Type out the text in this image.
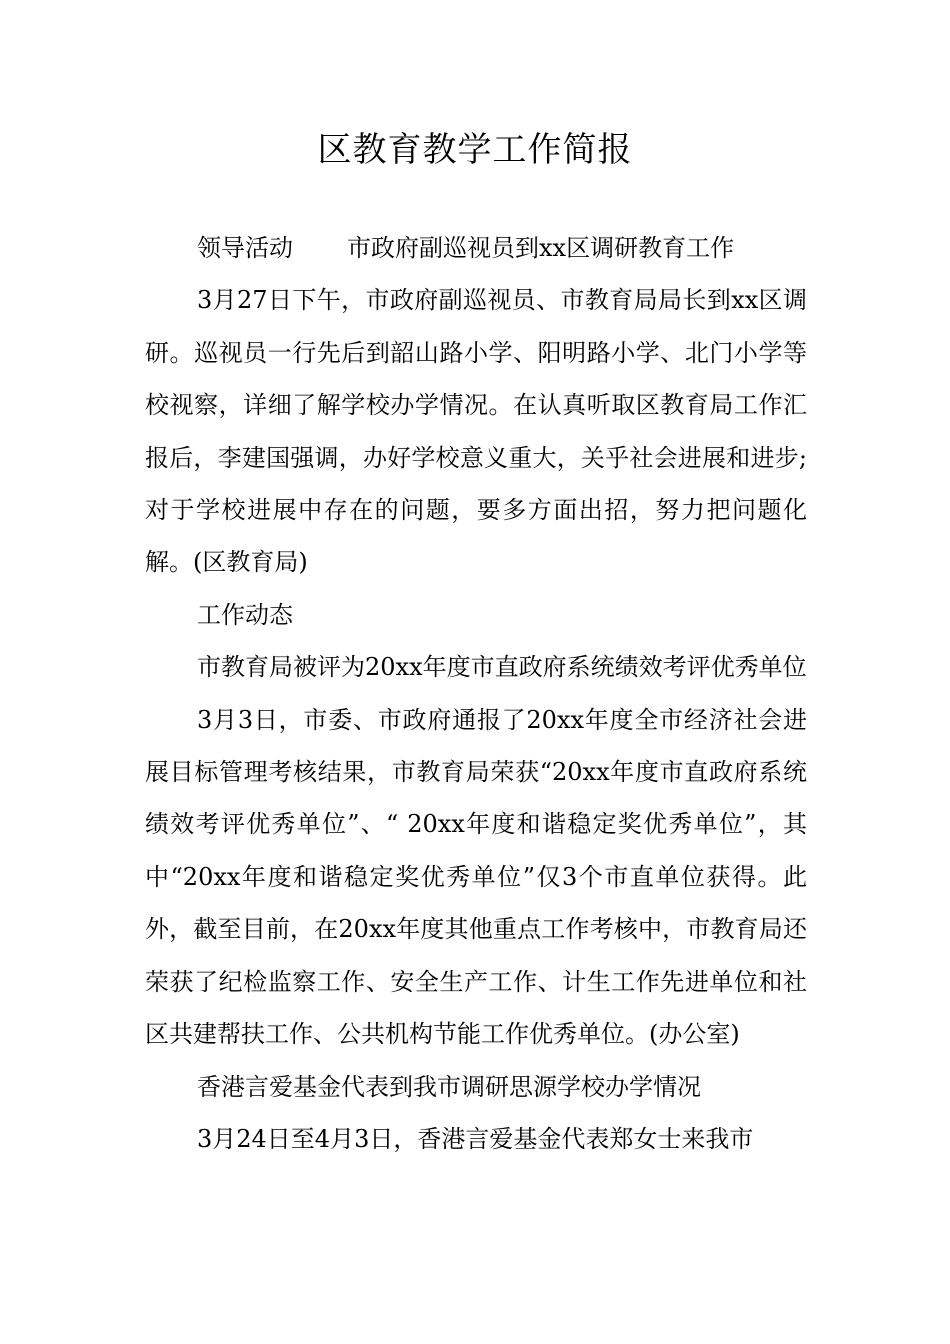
区教育教学工作简报

领导活动 市政府副巡视员到xx区调研教育工作

3月27日下午，市政府副巡视员、市教育局局长到xx区调研。巡视员一行先后到韶山路小学、阳明路小学、北门小学等校视察，详细了解学校办学情况。在认真听取区教育局工作汇报后，李建国强调，办好学校意义重大，关乎社会进展和进步;对于学校进展中存在的问题，要多方面出招，努力把问题化解。(区教育局)

工作动态

市教育局被评为20xx年度市直政府系统绩效考评优秀单位

3月3日，市委、市政府通报了20xx年度全市经济社会进展目标管理考核结果，市教育局荣获“20xx年度市直政府系统绩效考评优秀单位”、“ 20xx年度和谐稳定奖优秀单位”，其中“20xx年度和谐稳定奖优秀单位”仅3个市直单位获得。此外，截至目前，在20xx年度其他重点工作考核中，市教育局还荣获了纪检监察工作、安全生产工作、计生工作先进单位和社区共建帮扶工作、公共机构节能工作优秀单位。(办公室)

香港言爱基金代表到我市调研思源学校办学情况

3月24日至4月3日，香港言爱基金代表郑女士来我市
